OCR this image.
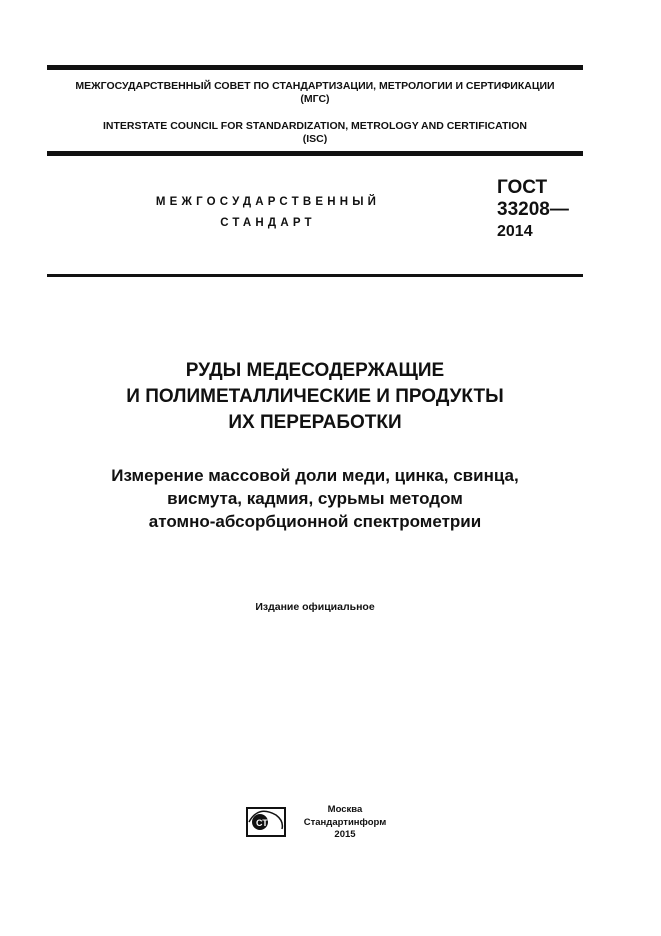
МЕЖГОСУДАРСТВЕННЫЙ СОВЕТ ПО СТАНДАРТИЗАЦИИ, МЕТРОЛОГИИ И СЕРТИФИКАЦИИ
(МГС)
INTERSTATE COUNCIL FOR STANDARDIZATION, METROLOGY AND CERTIFICATION
(ISC)
МЕЖГОСУДАРСТВЕННЫЙ
СТАНДАРТ
ГОСТ
33208—
2014
РУДЫ МЕДЕСОДЕРЖАЩИЕ
И ПОЛИМЕТАЛЛИЧЕСКИЕ И ПРОДУКТЫ
ИХ ПЕРЕРАБОТКИ
Измерение массовой доли меди, цинка, свинца,
висмута, кадмия, сурьмы методом
атомно-абсорбционной спектрометрии
Издание официальное
СТИ
Москва
Стандартинформ
2015
